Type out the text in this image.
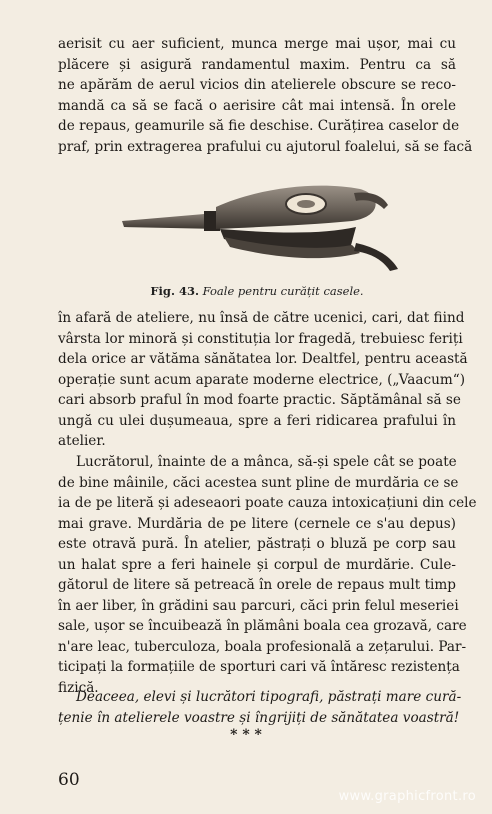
aerisit cu aer suficient, munca merge mai ușor, mai cu
plăcere și asigură randamentul maxim. Pentru ca să
ne apărăm de aerul vicios din atelierele obscure se reco-
mandă ca să se facă o aerisire cât mai intensă. În orele
de repaus, geamurile să fie deschise. Curățirea caselor de
praf, prin extragerea prafului cu ajutorul foalelui, să se facă

Fig. 43. Foale pentru curățit casele.

în afară de ateliere, nu însă de către ucenici, cari, dat fiind
vârsta lor minoră și constituția lor fragedă, trebuiesc feriți
dela orice ar vătăma sănătatea lor. Dealtfel, pentru această
operație sunt acum aparate moderne electrice, („Vaacum“)
cari absorb praful în mod foarte practic. Săptămânal să se
ungă cu ulei dușumeaua, spre a feri ridicarea prafului în
atelier.

Lucrătorul, înainte de a mânca, să-și spele cât se poate
de bine mâinile, căci acestea sunt pline de murdăria ce se
ia de pe literă și adeseaori poate cauza intoxicațiuni din cele
mai grave. Murdăria de pe litere (cernele ce s'au depus)
este otravă pură. În atelier, păstrați o bluză pe corp sau
un halat spre a feri hainele și corpul de murdărie. Cule-
gătorul de litere să petreacă în orele de repaus mult timp
în aer liber, în grădini sau parcuri, căci prin felul meseriei
sale, ușor se încuibează în plămâni boala cea grozavă, care
n'are leac, tuberculoza, boala profesională a zețarului. Par-
ticipați la formațiile de sporturi cari vă întăresc rezistența
fizică.

Deaceea, elevi și lucrători tipografi, păstrați mare cură-
țenie în atelierele voastre și îngrijiți de sănătatea voastră!

* * *
60
www.graphicfront.ro
